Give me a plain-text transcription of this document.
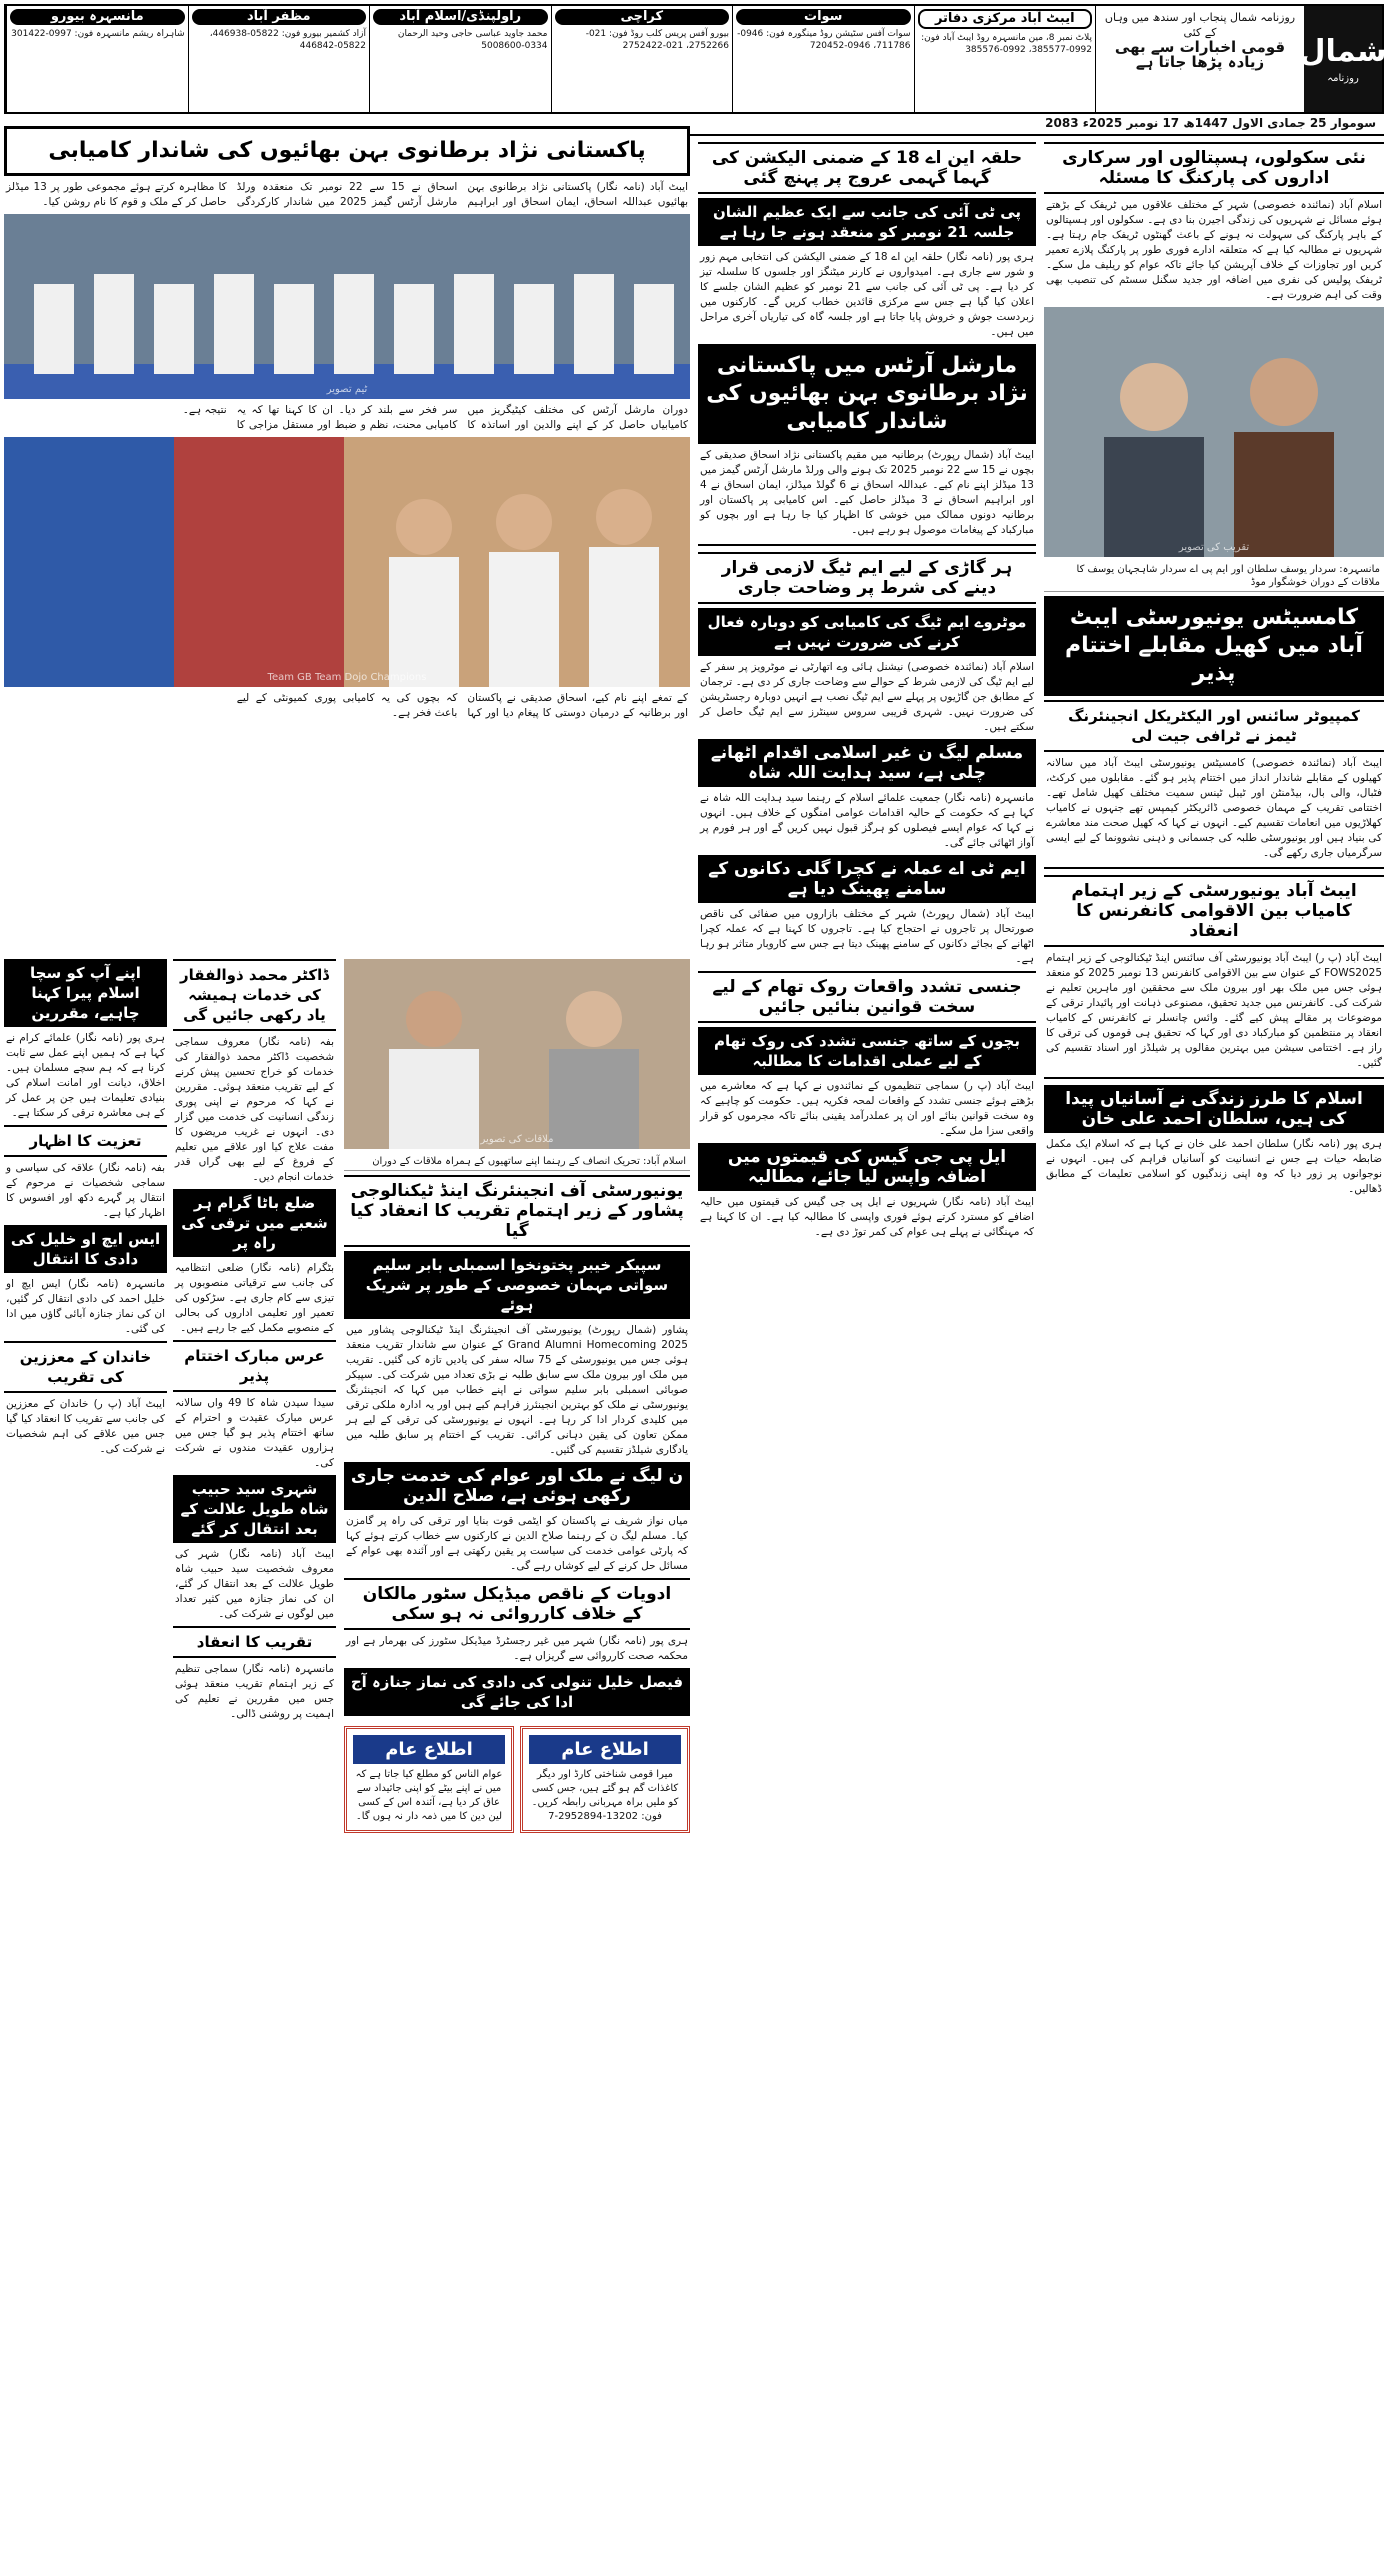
شمال
روزنامہ
روزنامہ شمال پنجاب اور سندھ میں وہاں کے کئی
قومی اخبارات سے بھی
زیادہ پڑھا جاتا ہے
ایبٹ آباد مرکزی دفاتر
پلاٹ نمبر 8، مین مانسہرہ روڈ ایبٹ آباد فون: 0992-385577، 0992-385576
سوات
سوات آفس سٹیشن روڈ مینگورہ فون: 0946-711786، 0946-720452
کراچی
بیورو آفس پریس کلب روڈ فون: 021-2752266، 021-2752422
راولپنڈی/اسلام آباد
محمد جاوید عباسی حاجی وحید الرحمان 0334-5008600
مظفر آباد
آزاد کشمیر بیورو فون: 05822-446938، 05822-446842
مانسہرہ بیورو
شاہراہ ریشم مانسہرہ فون: 0997-301422
سوموار 25 جمادی الاول 1447ھ 17 نومبر 2025ء 2083
نئی سکولوں، ہسپتالوں اور سرکاری اداروں کی پارکنگ کا مسئلہ
اسلام آباد (نمائندہ خصوصی) شہر کے مختلف علاقوں میں ٹریفک کے بڑھتے ہوئے مسائل نے شہریوں کی زندگی اجیرن بنا دی ہے۔ سکولوں اور ہسپتالوں کے باہر پارکنگ کی سہولت نہ ہونے کے باعث گھنٹوں ٹریفک جام رہتا ہے۔ شہریوں نے مطالبہ کیا ہے کہ متعلقہ ادارے فوری طور پر پارکنگ پلازے تعمیر کریں اور تجاوزات کے خلاف آپریشن کیا جائے تاکہ عوام کو ریلیف مل سکے۔ ٹریفک پولیس کی نفری میں اضافہ اور جدید سگنل سسٹم کی تنصیب بھی وقت کی اہم ضرورت ہے۔
تقریب کی تصویر
مانسہرہ: سردار یوسف سلطان اور ایم پی اے سردار شاہجہان یوسف کا ملاقات کے دوران خوشگوار موڈ
کامسیٹس یونیورسٹی ایبٹ آباد میں کھیل مقابلے اختتام پذیر
کمپیوٹر سائنس اور الیکٹریکل انجینئرنگ ٹیمز نے ٹرافی جیت لی
ایبٹ آباد (نمائندہ خصوصی) کامسیٹس یونیورسٹی ایبٹ آباد میں سالانہ کھیلوں کے مقابلے شاندار انداز میں اختتام پذیر ہو گئے۔ مقابلوں میں کرکٹ، فٹبال، والی بال، بیڈمنٹن اور ٹیبل ٹینس سمیت مختلف کھیل شامل تھے۔ اختتامی تقریب کے مہمان خصوصی ڈائریکٹر کیمپس تھے جنہوں نے کامیاب کھلاڑیوں میں انعامات تقسیم کیے۔ انہوں نے کہا کہ کھیل صحت مند معاشرے کی بنیاد ہیں اور یونیورسٹی طلبہ کی جسمانی و ذہنی نشوونما کے لیے ایسی سرگرمیاں جاری رکھے گی۔
ایبٹ آباد یونیورسٹی کے زیر اہتمام کامیاب بین الاقوامی کانفرنس کا انعقاد
ایبٹ آباد (پ ر) ایبٹ آباد یونیورسٹی آف سائنس اینڈ ٹیکنالوجی کے زیر اہتمام FOWS2025 کے عنوان سے بین الاقوامی کانفرنس 13 نومبر 2025 کو منعقد ہوئی جس میں ملک بھر اور بیرون ملک سے محققین اور ماہرین تعلیم نے شرکت کی۔ کانفرنس میں جدید تحقیق، مصنوعی ذہانت اور پائیدار ترقی کے موضوعات پر مقالے پیش کیے گئے۔ وائس چانسلر نے کانفرنس کے کامیاب انعقاد پر منتظمین کو مبارکباد دی اور کہا کہ تحقیق ہی قوموں کی ترقی کا راز ہے۔ اختتامی سیشن میں بہترین مقالوں پر شیلڈز اور اسناد تقسیم کی گئیں۔
اسلام کا طرز زندگی نے آسانیاں پیدا کی ہیں، سلطان احمد علی خان
ہری پور (نامہ نگار) سلطان احمد علی خان نے کہا ہے کہ اسلام ایک مکمل ضابطہ حیات ہے جس نے انسانیت کو آسانیاں فراہم کی ہیں۔ انہوں نے نوجوانوں پر زور دیا کہ وہ اپنی زندگیوں کو اسلامی تعلیمات کے مطابق ڈھالیں۔
حلقہ این اے 18 کے ضمنی الیکشن کی گہما گہمی عروج پر پہنچ گئی
پی ٹی آئی کی جانب سے ایک عظیم الشان جلسہ 21 نومبر کو منعقد ہونے جا رہا ہے
ہری پور (نامہ نگار) حلقہ این اے 18 کے ضمنی الیکشن کی انتخابی مہم زور و شور سے جاری ہے۔ امیدواروں نے کارنر میٹنگز اور جلسوں کا سلسلہ تیز کر دیا ہے۔ پی ٹی آئی کی جانب سے 21 نومبر کو عظیم الشان جلسے کا اعلان کیا گیا ہے جس سے مرکزی قائدین خطاب کریں گے۔ کارکنوں میں زبردست جوش و خروش پایا جاتا ہے اور جلسہ گاہ کی تیاریاں آخری مراحل میں ہیں۔
مارشل آرٹس میں پاکستانی نژاد برطانوی بہن بھائیوں کی شاندار کامیابی
ایبٹ آباد (شمال رپورٹ) برطانیہ میں مقیم پاکستانی نژاد اسحاق صدیقی کے بچوں نے 15 سے 22 نومبر 2025 تک ہونے والی ورلڈ مارشل آرٹس گیمز میں 13 میڈلز اپنے نام کیے۔ عبداللہ اسحاق نے 6 گولڈ میڈلز، ایمان اسحاق نے 4 اور ابراہیم اسحاق نے 3 میڈلز حاصل کیے۔ اس کامیابی پر پاکستان اور برطانیہ دونوں ممالک میں خوشی کا اظہار کیا جا رہا ہے اور بچوں کو مبارکباد کے پیغامات موصول ہو رہے ہیں۔
ہر گاڑی کے لیے ایم ٹیگ لازمی قرار دینے کی شرط پر وضاحت جاری
موٹروے ایم ٹیگ کی کامیابی کو دوبارہ فعال کرنے کی ضرورت نہیں ہے
اسلام آباد (نمائندہ خصوصی) نیشنل ہائی وے اتھارٹی نے موٹرویز پر سفر کے لیے ایم ٹیگ کی لازمی شرط کے حوالے سے وضاحت جاری کر دی ہے۔ ترجمان کے مطابق جن گاڑیوں پر پہلے سے ایم ٹیگ نصب ہے انہیں دوبارہ رجسٹریشن کی ضرورت نہیں۔ شہری قریبی سروس سینٹرز سے ایم ٹیگ حاصل کر سکتے ہیں۔
مسلم لیگ ن غیر اسلامی اقدام اٹھانے چلی ہے، سید ہدایت اللہ شاہ
مانسہرہ (نامہ نگار) جمعیت علمائے اسلام کے رہنما سید ہدایت اللہ شاہ نے کہا ہے کہ حکومت کے حالیہ اقدامات عوامی امنگوں کے خلاف ہیں۔ انہوں نے کہا کہ عوام ایسے فیصلوں کو ہرگز قبول نہیں کریں گے اور ہر فورم پر آواز اٹھائی جائے گی۔
ایم ٹی اے عملہ نے کچرا گلی دکانوں کے سامنے پھینک دیا ہے
ایبٹ آباد (شمال رپورٹ) شہر کے مختلف بازاروں میں صفائی کی ناقص صورتحال پر تاجروں نے احتجاج کیا ہے۔ تاجروں کا کہنا ہے کہ عملہ کچرا اٹھانے کے بجائے دکانوں کے سامنے پھینک دیتا ہے جس سے کاروبار متاثر ہو رہا ہے۔
جنسی تشدد واقعات روک تھام کے لیے سخت قوانین بنائیں جائیں
بچوں کے ساتھ جنسی تشدد کی روک تھام کے لیے عملی اقدامات کا مطالبہ
ایبٹ آباد (پ ر) سماجی تنظیموں کے نمائندوں نے کہا ہے کہ معاشرے میں بڑھتے ہوئے جنسی تشدد کے واقعات لمحہ فکریہ ہیں۔ حکومت کو چاہیے کہ وہ سخت قوانین بنائے اور ان پر عملدرآمد یقینی بنائے تاکہ مجرموں کو قرار واقعی سزا مل سکے۔
ایل پی جی گیس کی قیمتوں میں اضافہ واپس لیا جائے، مطالبہ
ایبٹ آباد (نامہ نگار) شہریوں نے ایل پی جی گیس کی قیمتوں میں حالیہ اضافے کو مسترد کرتے ہوئے فوری واپسی کا مطالبہ کیا ہے۔ ان کا کہنا ہے کہ مہنگائی نے پہلے ہی عوام کی کمر توڑ دی ہے۔
پاکستانی نژاد برطانوی بہن بھائیوں کی شاندار کامیابی
ایبٹ آباد (نامہ نگار) پاکستانی نژاد برطانوی بہن بھائیوں عبداللہ اسحاق، ایمان اسحاق اور ابراہیم اسحاق نے 15 سے 22 نومبر تک منعقدہ ورلڈ مارشل آرٹس گیمز 2025 میں شاندار کارکردگی کا مظاہرہ کرتے ہوئے مجموعی طور پر 13 میڈلز حاصل کر کے ملک و قوم کا نام روشن کیا۔
ٹیم تصویر
دوران مارشل آرٹس کی مختلف کیٹیگریز میں کامیابیاں حاصل کر کے اپنے والدین اور اساتذہ کا سر فخر سے بلند کر دیا۔ ان کا کہنا تھا کہ یہ کامیابی محنت، نظم و ضبط اور مستقل مزاجی کا نتیجہ ہے۔
Team GB Team Dojo Champions
کے تمغے اپنے نام کیے، اسحاق صدیقی نے پاکستان اور برطانیہ کے درمیان دوستی کا پیغام دیا اور کہا کہ بچوں کی یہ کامیابی پوری کمیونٹی کے لیے باعث فخر ہے۔
ملاقات کی تصویر
اسلام آباد: تحریک انصاف کے رہنما اپنے ساتھیوں کے ہمراہ ملاقات کے دوران
یونیورسٹی آف انجینئرنگ اینڈ ٹیکنالوجی پشاور کے زیر اہتمام تقریب کا انعقاد کیا گیا
سپیکر خیبر پختونخوا اسمبلی بابر سلیم سواتی مہمان خصوصی کے طور پر شریک ہوئے
پشاور (شمال رپورٹ) یونیورسٹی آف انجینئرنگ اینڈ ٹیکنالوجی پشاور میں Grand Alumni Homecoming 2025 کے عنوان سے شاندار تقریب منعقد ہوئی جس میں یونیورسٹی کے 75 سالہ سفر کی یادیں تازہ کی گئیں۔ تقریب میں ملک اور بیرون ملک سے سابق طلبہ نے بڑی تعداد میں شرکت کی۔ سپیکر صوبائی اسمبلی بابر سلیم سواتی نے اپنے خطاب میں کہا کہ انجینئرنگ یونیورسٹی نے ملک کو بہترین انجینئرز فراہم کیے ہیں اور یہ ادارہ ملکی ترقی میں کلیدی کردار ادا کر رہا ہے۔ انہوں نے یونیورسٹی کی ترقی کے لیے ہر ممکن تعاون کی یقین دہانی کرائی۔ تقریب کے اختتام پر سابق طلبہ میں یادگاری شیلڈز تقسیم کی گئیں۔
ن لیگ نے ملک اور عوام کی خدمت جاری رکھی ہوئی ہے، صلاح الدین
میاں نواز شریف نے پاکستان کو ایٹمی قوت بنایا اور ترقی کی راہ پر گامزن کیا۔ مسلم لیگ ن کے رہنما صلاح الدین نے کارکنوں سے خطاب کرتے ہوئے کہا کہ پارٹی عوامی خدمت کی سیاست پر یقین رکھتی ہے اور آئندہ بھی عوام کے مسائل حل کرنے کے لیے کوشاں رہے گی۔
ادویات کے ناقص میڈیکل سٹور مالکان کے خلاف کارروائی نہ ہو سکی
ہری پور (نامہ نگار) شہر میں غیر رجسٹرڈ میڈیکل سٹورز کی بھرمار ہے اور محکمہ صحت کارروائی سے گریزاں ہے۔
فیصل خلیل تنولی کی دادی کی نماز جنازہ آج ادا کی جائے گی
اطلاع عام
میرا قومی شناختی کارڈ اور دیگر کاغذات گم ہو گئے ہیں، جس کسی کو ملیں براہ مہربانی رابطہ کریں۔ فون: 13202-2952894-7
اطلاع عام
عوام الناس کو مطلع کیا جاتا ہے کہ میں نے اپنے بیٹے کو اپنی جائیداد سے عاق کر دیا ہے، آئندہ اس کے کسی لین دین کا میں ذمہ دار نہ ہوں گا۔
ڈاکٹر محمد ذوالفقار کی خدمات ہمیشہ یاد رکھی جائیں گی
بفہ (نامہ نگار) معروف سماجی شخصیت ڈاکٹر محمد ذوالفقار کی خدمات کو خراج تحسین پیش کرنے کے لیے تقریب منعقد ہوئی۔ مقررین نے کہا کہ مرحوم نے اپنی پوری زندگی انسانیت کی خدمت میں گزار دی۔ انہوں نے غریب مریضوں کا مفت علاج کیا اور علاقے میں تعلیم کے فروغ کے لیے بھی گراں قدر خدمات انجام دیں۔
ضلع باٹا گرام ہر شعبے میں ترقی کی راہ پر
بٹگرام (نامہ نگار) ضلعی انتظامیہ کی جانب سے ترقیاتی منصوبوں پر تیزی سے کام جاری ہے۔ سڑکوں کی تعمیر اور تعلیمی اداروں کی بحالی کے منصوبے مکمل کیے جا رہے ہیں۔
عرس مبارک اختتام پذیر
سیدا سیدن شاہ کا 49 واں سالانہ عرس مبارک عقیدت و احترام کے ساتھ اختتام پذیر ہو گیا جس میں ہزاروں عقیدت مندوں نے شرکت کی۔
شہری سید حبیب شاہ طویل علالت کے بعد انتقال کر گئے
ایبٹ آباد (نامہ نگار) شہر کی معروف شخصیت سید حبیب شاہ طویل علالت کے بعد انتقال کر گئے، ان کی نماز جنازہ میں کثیر تعداد میں لوگوں نے شرکت کی۔
تقریب کا انعقاد
مانسہرہ (نامہ نگار) سماجی تنظیم کے زیر اہتمام تقریب منعقد ہوئی جس میں مقررین نے تعلیم کی اہمیت پر روشنی ڈالی۔
اپنے آپ کو سچا اسلام پیرا کہنا چاہیے، مقررین
ہری پور (نامہ نگار) علمائے کرام نے کہا ہے کہ ہمیں اپنے عمل سے ثابت کرنا ہے کہ ہم سچے مسلمان ہیں۔ اخلاق، دیانت اور امانت اسلام کی بنیادی تعلیمات ہیں جن پر عمل کر کے ہی معاشرہ ترقی کر سکتا ہے۔
تعزیت کا اظہار
بفہ (نامہ نگار) علاقہ کی سیاسی و سماجی شخصیات نے مرحوم کے انتقال پر گہرے دکھ اور افسوس کا اظہار کیا ہے۔
ایس ایچ او خلیل کی دادی کا انتقال
مانسہرہ (نامہ نگار) ایس ایچ او خلیل احمد کی دادی انتقال کر گئیں، ان کی نماز جنازہ آبائی گاؤں میں ادا کی گئی۔
خاندان کے معززین کی تقریب
ایبٹ آباد (پ ر) خاندان کے معززین کی جانب سے تقریب کا انعقاد کیا گیا جس میں علاقے کی اہم شخصیات نے شرکت کی۔
